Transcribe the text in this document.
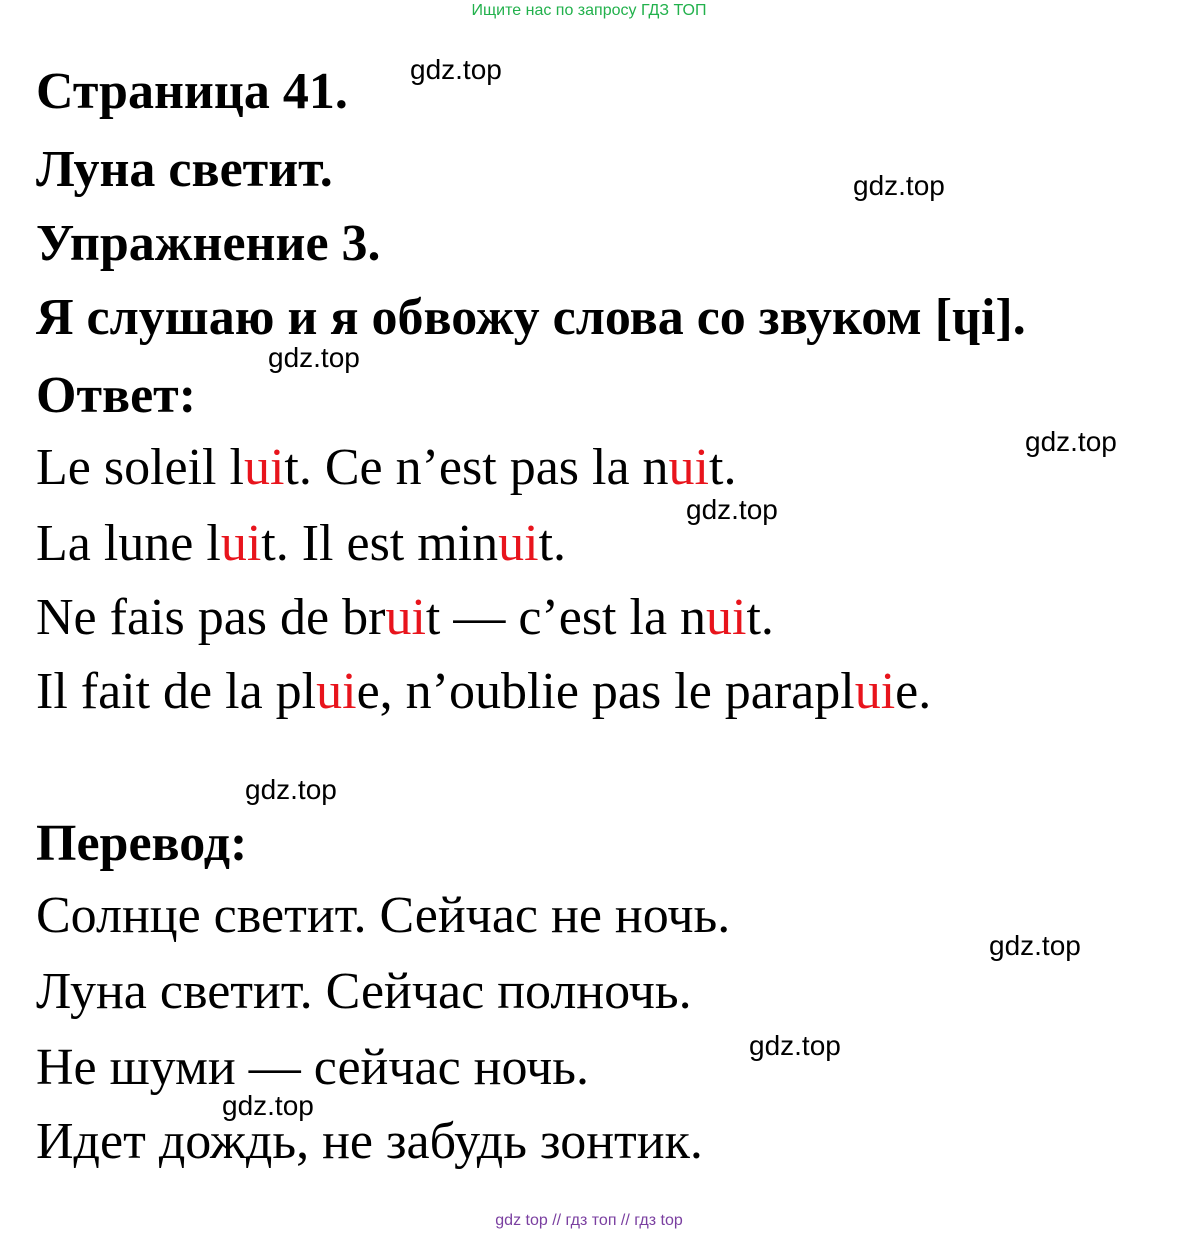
Ищите нас по запросу ГДЗ ТОП
Страница 41.
Луна светит.
Упражнение 3.
Я слушаю и я обвожу слова со звуком [ɥi].
Ответ:
Le soleil luit. Ce n’est pas la nuit.
La lune luit. Il est minuit.
Ne fais pas de bruit — c’est la nuit.
Il fait de la pluie, n’oublie pas le parapluie.
Перевод:
Солнце светит. Сейчас не ночь.
Луна светит. Сейчас полночь.
Не шуми — сейчас ночь.
Идет дождь, не забудь зонтик.
gdz.top
gdz.top
gdz.top
gdz.top
gdz.top
gdz.top
gdz.top
gdz.top
gdz.top
gdz top // гдз топ // гдз top
